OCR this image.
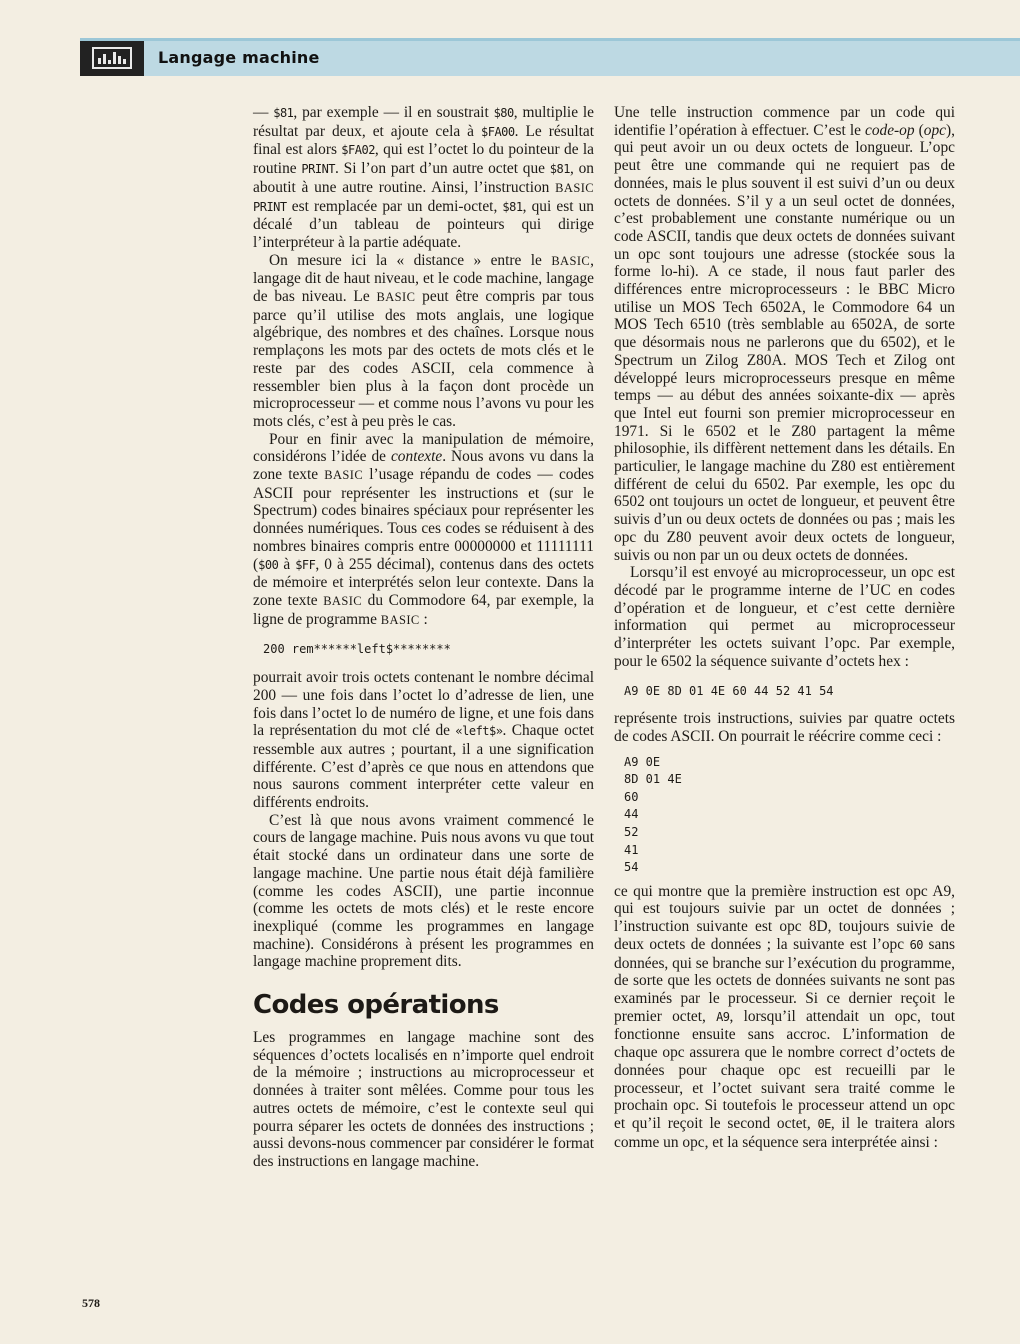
Langage machine

— $81, par exemple — il en soustrait $80, multiplie le résultat par deux, et ajoute cela à $FA00. Le résultat final est alors $FA02, qui est l’octet lo du pointeur de la routine PRINT. Si l’on part d’un autre octet que $81, on aboutit à une autre routine. Ainsi, l’instruction BASIC PRINT est remplacée par un demi-octet, $81, qui est un décalé d’un tableau de pointeurs qui dirige l’interpréteur à la partie adéquate.

On mesure ici la « distance » entre le BASIC, langage dit de haut niveau, et le code machine, langage de bas niveau. Le BASIC peut être compris par tous parce qu’il utilise des mots anglais, une logique algébrique, des nombres et des chaînes. Lorsque nous remplaçons les mots par des octets de mots clés et le reste par des codes ASCII, cela commence à ressembler bien plus à la façon dont procède un microprocesseur — et comme nous l’avons vu pour les mots clés, c’est à peu près le cas.

Pour en finir avec la manipulation de mémoire, considérons l’idée de contexte. Nous avons vu dans la zone texte BASIC l’usage répandu de codes — codes ASCII pour représenter les instructions et (sur le Spectrum) codes binaires spéciaux pour représenter les données numériques. Tous ces codes se réduisent à des nombres binaires compris entre 00000000 et 11111111 ($00 à $FF, 0 à 255 décimal), contenus dans des octets de mémoire et interprétés selon leur contexte. Dans la zone texte BASIC du Commodore 64, par exemple, la ligne de programme BASIC :

200 rem******left$********

pourrait avoir trois octets contenant le nombre décimal 200 — une fois dans l’octet lo d’adresse de lien, une fois dans l’octet lo de numéro de ligne, et une fois dans la représentation du mot clé de «left$». Chaque octet ressemble aux autres ; pourtant, il a une signification différente. C’est d’après ce que nous en attendons que nous saurons comment interpréter cette valeur en différents endroits.

C’est là que nous avons vraiment commencé le cours de langage machine. Puis nous avons vu que tout était stocké dans un ordinateur dans une sorte de langage machine. Une partie nous était déjà familière (comme les codes ASCII), une partie inconnue (comme les octets de mots clés) et le reste encore inexpliqué (comme les programmes en langage machine). Considérons à présent les programmes en langage machine proprement dits.

Codes opérations

Les programmes en langage machine sont des séquences d’octets localisés en n’importe quel endroit de la mémoire ; instructions au microprocesseur et données à traiter sont mêlées. Comme pour tous les autres octets de mémoire, c’est le contexte seul qui pourra séparer les octets de données des instructions ; aussi devons-nous commencer par considérer le format des instructions en langage machine.

Une telle instruction commence par un code qui identifie l’opération à effectuer. C’est le code-op (opc), qui peut avoir un ou deux octets de longueur. L’opc peut être une commande qui ne requiert pas de données, mais le plus souvent il est suivi d’un ou deux octets de données. S’il y a un seul octet de données, c’est probablement une constante numérique ou un code ASCII, tandis que deux octets de données suivant un opc sont toujours une adresse (stockée sous la forme lo-hi). A ce stade, il nous faut parler des différences entre microprocesseurs : le BBC Micro utilise un MOS Tech 6502A, le Commodore 64 un MOS Tech 6510 (très semblable au 6502A, de sorte que désormais nous ne parlerons que du 6502), et le Spectrum un Zilog Z80A. MOS Tech et Zilog ont développé leurs microprocesseurs presque en même temps — au début des années soixante-dix — après que Intel eut fourni son premier microprocesseur en 1971. Si le 6502 et le Z80 partagent la même philosophie, ils diffèrent nettement dans les détails. En particulier, le langage machine du Z80 est entièrement différent de celui du 6502. Par exemple, les opc du 6502 ont toujours un octet de longueur, et peuvent être suivis d’un ou deux octets de données ou pas ; mais les opc du Z80 peuvent avoir deux octets de longueur, suivis ou non par un ou deux octets de données.

Lorsqu’il est envoyé au microprocesseur, un opc est décodé par le programme interne de l’UC en codes d’opération et de longueur, et c’est cette dernière information qui permet au microprocesseur d’interpréter les octets suivant l’opc. Par exemple, pour le 6502 la séquence suivante d’octets hex :

A9 0E 8D 01 4E 60 44 52 41 54

représente trois instructions, suivies par quatre octets de codes ASCII. On pourrait le réécrire comme ceci :

A9 0E
8D 01 4E
60
44
52
41
54

ce qui montre que la première instruction est opc A9, qui est toujours suivie par un octet de données ; l’instruction suivante est opc 8D, toujours suivie de deux octets de données ; la suivante est l’opc 60 sans données, qui se branche sur l’exécution du programme, de sorte que les octets de données suivants ne sont pas examinés par le processeur. Si ce dernier reçoit le premier octet, A9, lorsqu’il attendait un opc, tout fonctionne ensuite sans accroc. L’information de chaque opc assurera que le nombre correct d’octets de données pour chaque opc est recueilli par le processeur, et l’octet suivant sera traité comme le prochain opc. Si toutefois le processeur attend un opc et qu’il reçoit le second octet, 0E, il le traitera alors comme un opc, et la séquence sera interprétée ainsi :

578
